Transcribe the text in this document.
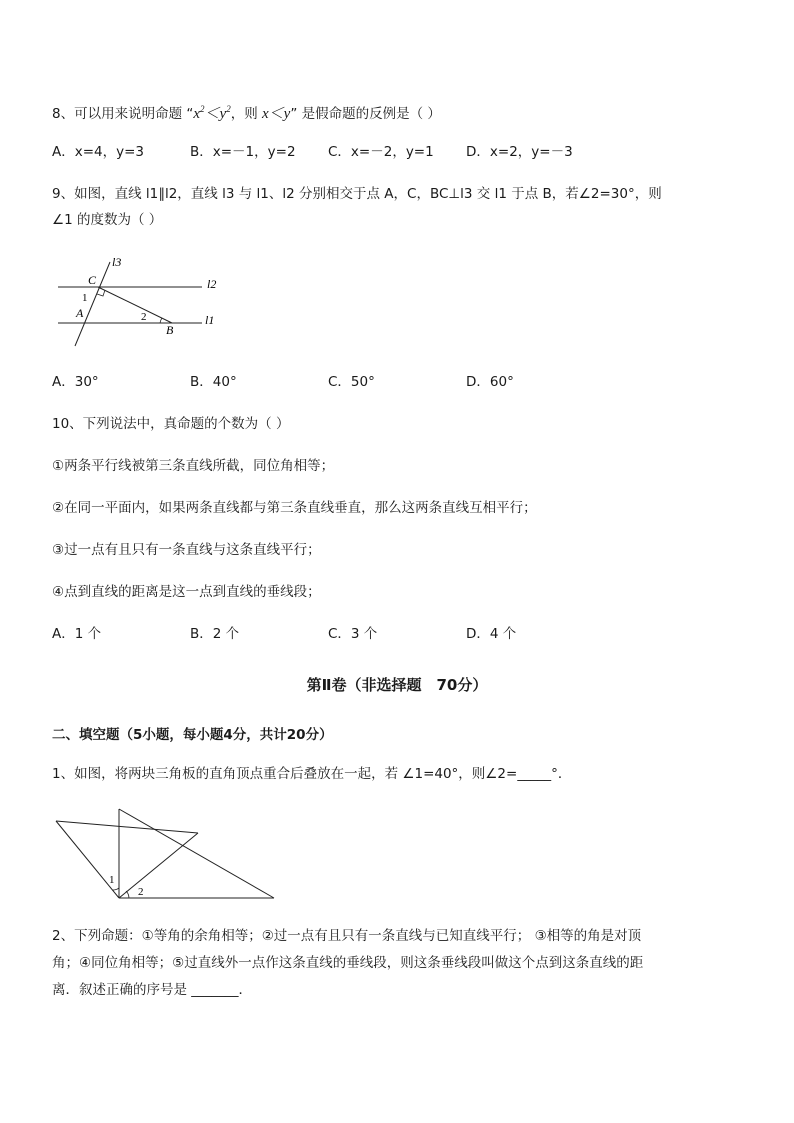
8、可以用来说明命题 “$x^2<y^2$，则 x＜y” 是假命题的反例是（ ）
A．x=4，y=3	B．x=－1，y=2 C．x=－2，y=1 D．x=2，y=－3
9、如图，直线 l1∥l2，直线 l3 与 l1、l2 分别相交于点 A，C，BC⊥l3 交 l1 于点 B，若∠2=30°，则
∠1 的度数为（ ）
l3
l2
l1
C
A
B
1
2
A．30°	B．40°	C．50°	D．60°
10、下列说法中，真命题的个数为（ ）
①两条平行线被第三条直线所截，同位角相等；
②在同一平面内，如果两条直线都与第三条直线垂直，那么这两条直线互相平行；
③过一点有且只有一条直线与这条直线平行；
④点到直线的距离是这一点到直线的垂线段；
A．1 个	B．2 个	C．3 个	D．4 个
第Ⅱ卷（非选择题　70分）
二、填空题（5小题，每小题4分，共计20分）
1、如图，将两块三角板的直角顶点重合后叠放在一起，若 ∠1=40°，则∠2=_____°．
1
2
2、下列命题：①等角的余角相等；②过一点有且只有一条直线与已知直线平行； ③相等的角是对顶
角；④同位角相等；⑤过直线外一点作这条直线的垂线段，则这条垂线段叫做这个点到这条直线的距
离．叙述正确的序号是 _______．
